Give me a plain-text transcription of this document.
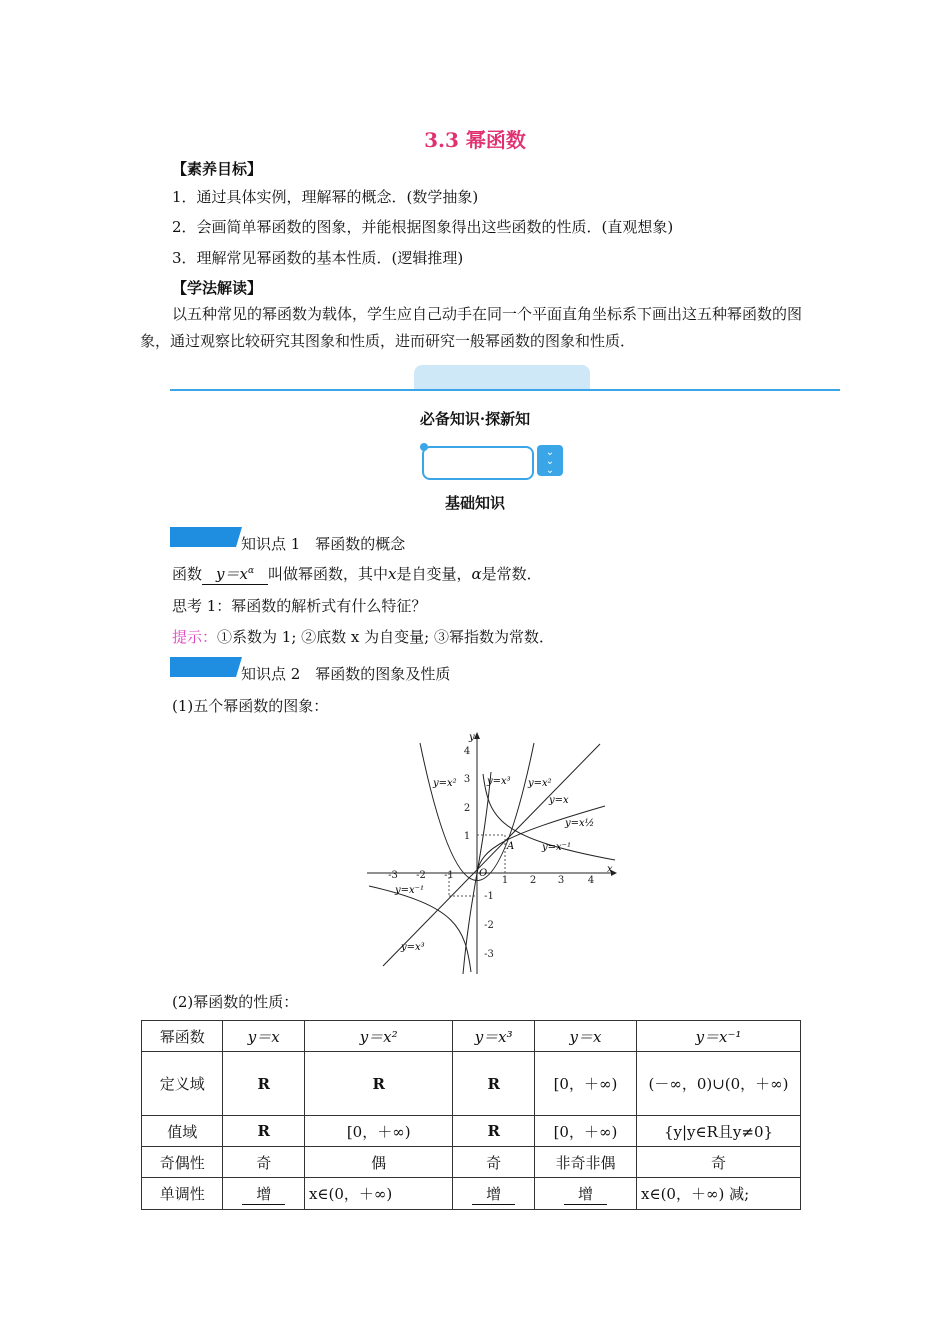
3.3 幂函数
【素养目标】
1．通过具体实例，理解幂的概念．(数学抽象)
2．会画简单幂函数的图象，并能根据图象得出这些函数的性质．(直观想象)
3．理解常见幂函数的基本性质．(逻辑推理)
【学法解读】
以五种常见的幂函数为载体，学生应自己动手在同一个平面直角坐标系下画出这五种幂函数的图象，通过观察比较研究其图象和性质，进而研究一般幂函数的图象和性质．
必备知识·探新知
⌄
⌄
⌄
基础知识
知识点 1　幂函数的概念
函数 $y=x^\alpha$ 叫做幂函数，其中x是自变量，α是常数．
思考 1：幂函数的解析式有什么特征？
提示：①系数为 1; ②底数 x 为自变量; ③幂指数为常数．
知识点 2　幂函数的图象及性质
(1)五个幂函数的图象：
-3 -2 -1	1 2 3 4
4
3
2
1
-1
-2
-3
y
x
O
A
y=x²	y=x³ y=x²
y=x
y=x½
y=x⁻¹
y=x⁻¹
y=x³
(2)幂函数的性质：
幂函数	y＝x	y＝x²	y＝x³	y＝x	y＝x⁻¹
定义域	R	R	R	[0，＋∞)	(－∞，0)∪(0，＋∞)
值域	R	[0，＋∞)	R	[0，＋∞)	{y|y∈R且y≠0}
奇偶性	奇	偶	奇	非奇非偶	奇
单调性	增	x∈(0，＋∞)	增	增	x∈(0，＋∞) 减;
